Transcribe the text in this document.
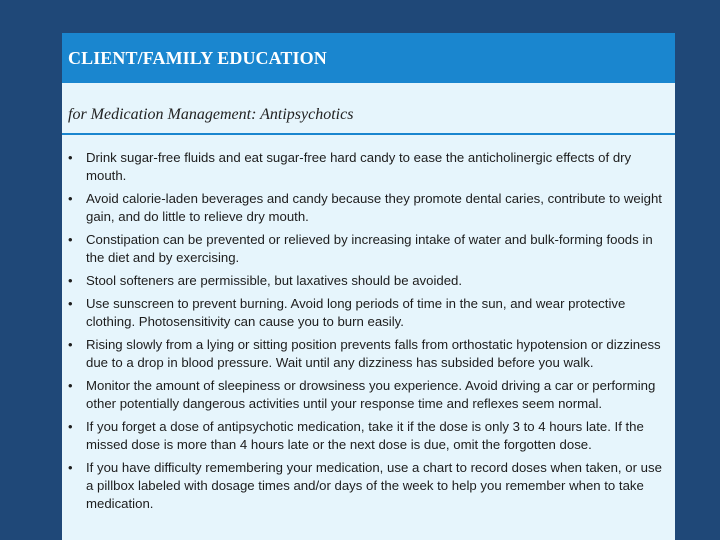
CLIENT/FAMILY EDUCATION
for Medication Management: Antipsychotics
• Drink sugar-free fluids and eat sugar-free hard candy to ease the anticholinergic effects of dry mouth.
• Avoid calorie-laden beverages and candy because they promote dental caries, contribute to weight gain, and do little to relieve dry mouth.
• Constipation can be prevented or relieved by increasing intake of water and bulk-forming foods in the diet and by exercising.
• Stool softeners are permissible, but laxatives should be avoided.
• Use sunscreen to prevent burning. Avoid long periods of time in the sun, and wear protective clothing. Photosensitivity can cause you to burn easily.
• Rising slowly from a lying or sitting position prevents falls from orthostatic hypotension or dizziness due to a drop in blood pressure. Wait until any dizziness has subsided before you walk.
• Monitor the amount of sleepiness or drowsiness you experience. Avoid driving a car or performing other potentially dangerous activities until your response time and reflexes seem normal.
• If you forget a dose of antipsychotic medication, take it if the dose is only 3 to 4 hours late. If the missed dose is more than 4 hours late or the next dose is due, omit the forgotten dose.
• If you have difficulty remembering your medication, use a chart to record doses when taken, or use a pillbox labeled with dosage times and/or days of the week to help you remember when to take medication.
